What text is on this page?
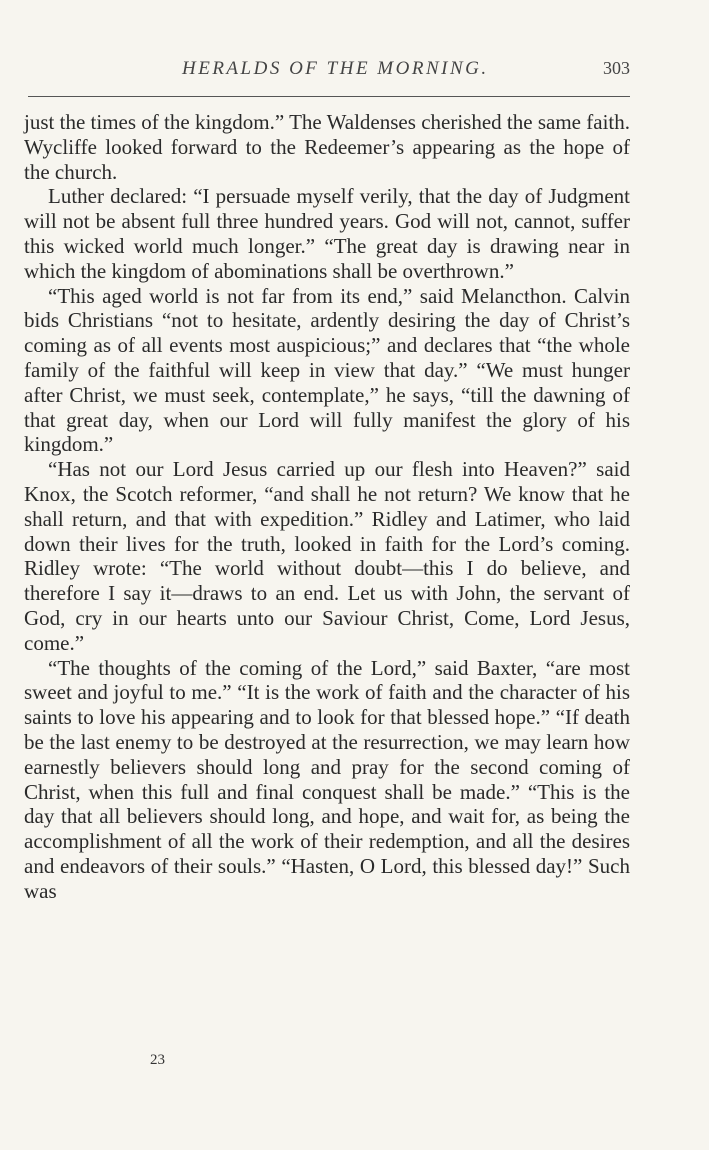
HERALDS OF THE MORNING.	303

just the times of the kingdom.” The Waldenses cherished the same faith. Wycliffe looked forward to the Redeemer’s appearing as the hope of the church.

Luther declared: “I persuade myself verily, that the day of Judgment will not be absent full three hundred years. God will not, cannot, suffer this wicked world much longer.” “The great day is drawing near in which the kingdom of abominations shall be overthrown.”

“This aged world is not far from its end,” said Melancthon. Calvin bids Christians “not to hesitate, ardently desiring the day of Christ’s coming as of all events most auspicious;” and declares that “the whole family of the faithful will keep in view that day.” “We must hunger after Christ, we must seek, contemplate,” he says, “till the dawning of that great day, when our Lord will fully manifest the glory of his kingdom.”

“Has not our Lord Jesus carried up our flesh into Heaven?” said Knox, the Scotch reformer, “and shall he not return? We know that he shall return, and that with expedition.” Ridley and Latimer, who laid down their lives for the truth, looked in faith for the Lord’s coming. Ridley wrote: “The world without doubt—this I do believe, and therefore I say it—draws to an end. Let us with John, the servant of God, cry in our hearts unto our Saviour Christ, Come, Lord Jesus, come.”

“The thoughts of the coming of the Lord,” said Baxter, “are most sweet and joyful to me.” “It is the work of faith and the character of his saints to love his appearing and to look for that blessed hope.” “If death be the last enemy to be destroyed at the resurrection, we may learn how earnestly believers should long and pray for the second coming of Christ, when this full and final conquest shall be made.” “This is the day that all believers should long, and hope, and wait for, as being the accomplishment of all the work of their redemption, and all the desires and endeavors of their souls.” “Hasten, O Lord, this blessed day!” Such was

23
